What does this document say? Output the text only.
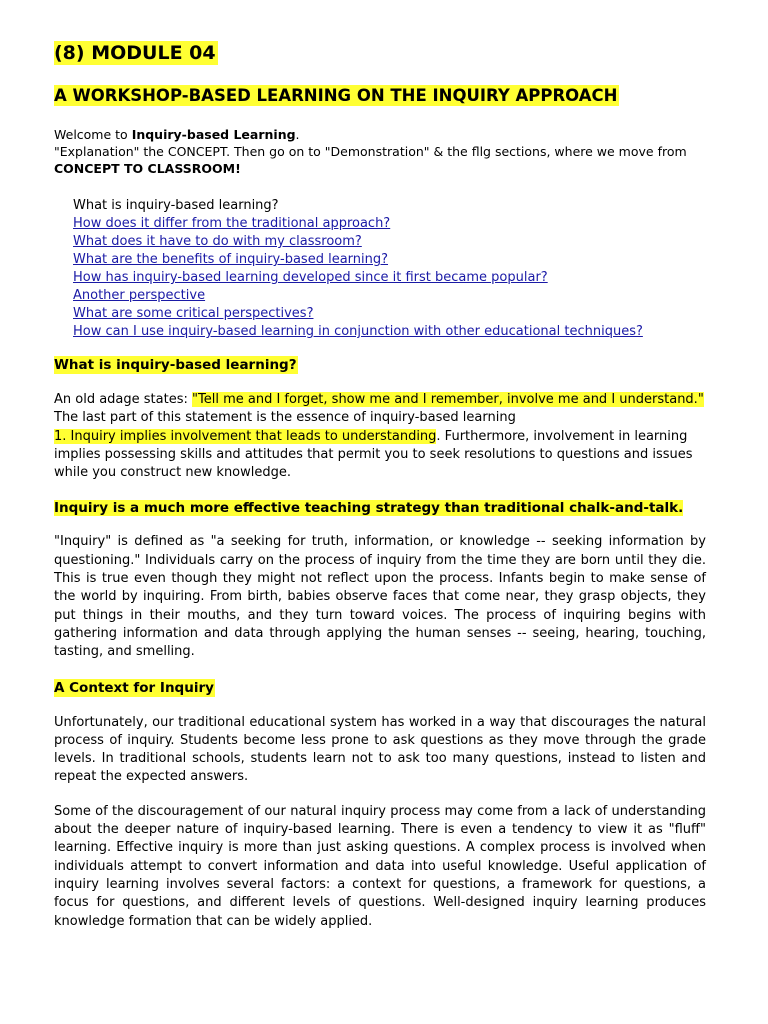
(8) MODULE 04
A WORKSHOP-BASED LEARNING ON THE INQUIRY APPROACH

Welcome to Inquiry-based Learning.

"Explanation" the CONCEPT. Then go on to "Demonstration" & the fllg sections, where we move from

CONCEPT TO CLASSROOM!

What is inquiry-based learning?
How does it differ from the traditional approach?
What does it have to do with my classroom?
What are the benefits of inquiry-based learning?
How has inquiry-based learning developed since it first became popular?
Another perspective
What are some critical perspectives?
How can I use inquiry-based learning in conjunction with other educational techniques?
What is inquiry-based learning?

An old adage states: "Tell me and I forget, show me and I remember, involve me and I understand." The last part of this statement is the essence of inquiry-based learning
1. Inquiry implies involvement that leads to understanding. Furthermore, involvement in learning implies possessing skills and attitudes that permit you to seek resolutions to questions and issues while you construct new knowledge.

Inquiry is a much more effective teaching strategy than traditional chalk-and-talk.

"Inquiry" is defined as "a seeking for truth, information, or knowledge -- seeking information by questioning." Individuals carry on the process of inquiry from the time they are born until they die. This is true even though they might not reflect upon the process. Infants begin to make sense of the world by inquiring. From birth, babies observe faces that come near, they grasp objects, they put things in their mouths, and they turn toward voices. The process of inquiring begins with gathering information and data through applying the human senses -- seeing, hearing, touching, tasting, and smelling.

A Context for Inquiry

Unfortunately, our traditional educational system has worked in a way that discourages the natural process of inquiry. Students become less prone to ask questions as they move through the grade levels. In traditional schools, students learn not to ask too many questions, instead to listen and repeat the expected answers.

Some of the discouragement of our natural inquiry process may come from a lack of understanding about the deeper nature of inquiry-based learning. There is even a tendency to view it as "fluff" learning. Effective inquiry is more than just asking questions. A complex process is involved when individuals attempt to convert information and data into useful knowledge. Useful application of inquiry learning involves several factors: a context for questions, a framework for questions, a focus for questions, and different levels of questions. Well-designed inquiry learning produces knowledge formation that can be widely applied.
